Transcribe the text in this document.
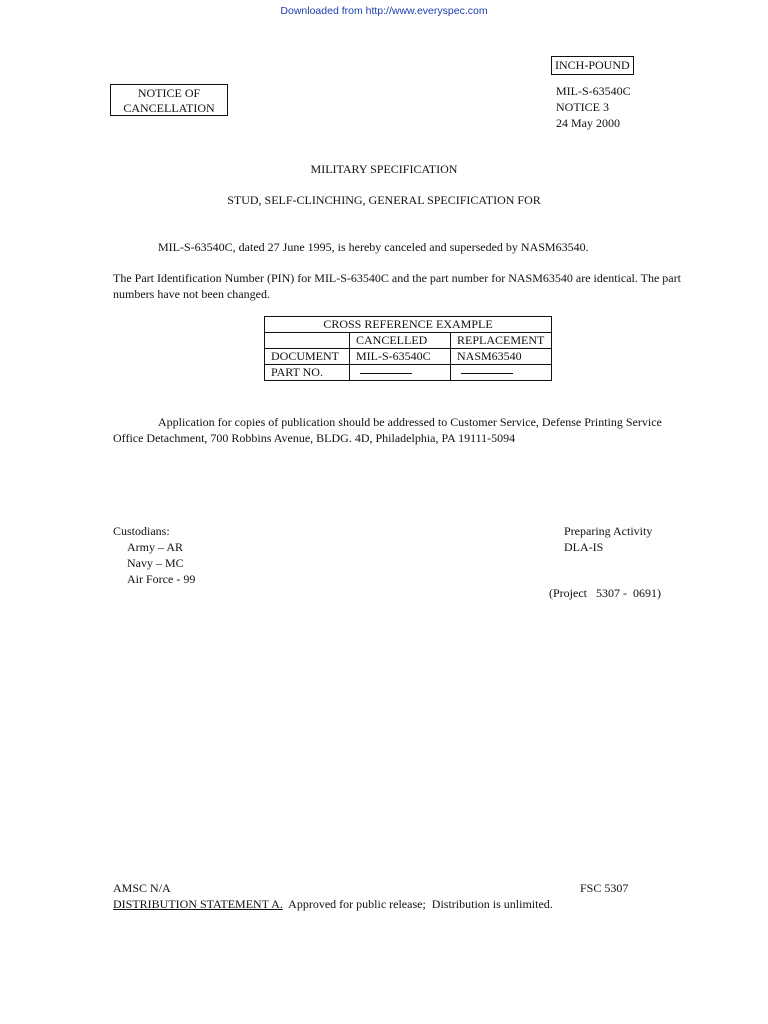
Downloaded from http://www.everyspec.com
INCH-POUND
NOTICE OF
CANCELLATION
MIL-S-63540C
NOTICE 3
24 May 2000
MILITARY SPECIFICATION
STUD, SELF-CLINCHING, GENERAL SPECIFICATION FOR
MIL-S-63540C, dated 27 June 1995, is hereby canceled and superseded by NASM63540.
The Part Identification Number (PIN) for MIL-S-63540C and the part number for NASM63540 are identical. The part numbers have not been changed.
CROSS REFERENCE EXAMPLE		
	CANCELLED	REPLACEMENT
DOCUMENT	MIL-S-63540C	NASM63540
PART NO.		
Application for copies of publication should be addressed to Customer Service, Defense Printing Service Office Detachment, 700 Robbins Avenue, BLDG. 4D, Philadelphia, PA 19111-5094
Custodians:
Army – AR
Navy – MC
Air Force - 99
Preparing Activity
DLA-IS
(Project   5307 -  0691)
AMSC N/A	FSC 5307
DISTRIBUTION STATEMENT A.  Approved for public release;  Distribution is unlimited.
